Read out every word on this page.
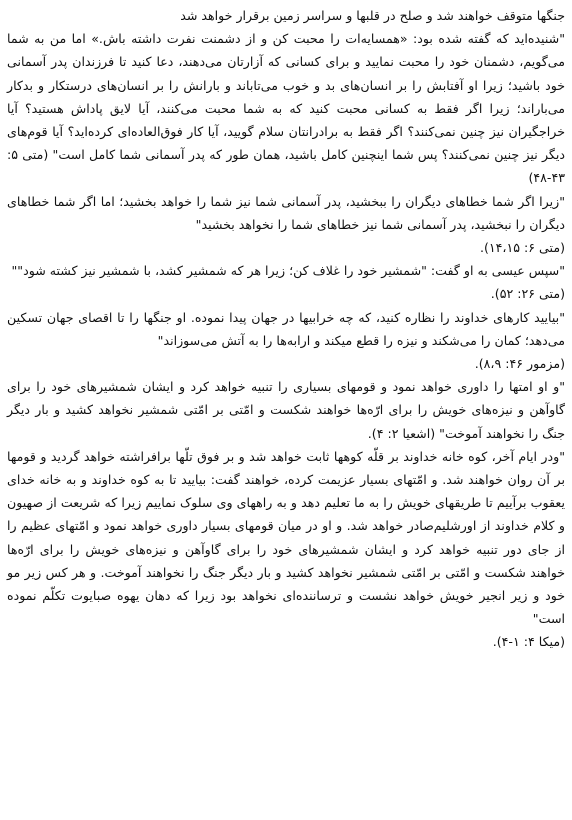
جنگها متوقف خواهند شد و صلح در قلبها و سراسر زمین برقرار خواهد شد

"شنیده‌اید که گفته شده بود: «همسایه‌ات را محبت کن و از دشمنت نفرت داشته باش.» اما من به شما می‌گویم، دشمنان خود را محبت نمایید و برای کسانی که آزارتان می‌دهند، دعا کنید تا فرزندان پدر آسمانی خود باشید؛ زیرا او آفتابش را بر انسان‌های بد و خوب می‌تاباند و بارانش را بر انسان‌های درستکار و بدکار می‌باراند؛ زیرا اگر فقط به کسانی محبت کنید که به شما محبت می‌کنند، آیا لایق پاداش هستید؟ آیا خراجگیران نیز چنین نمی‌کنند؟ اگر فقط به برادرانتان سلام گویید، آیا کار فوق‌العاده‌ای کرده‌اید؟ آیا قوم‌های دیگر نیز چنین نمی‌کنند؟ پس شما اینچنین کامل باشید، همان طور که پدر آسمانی شما کامل است" (متی ۵: ۴۳-۴۸)

"زیرا اگر شما خطاهای دیگران را ببخشید، پدر آسمانی شما نیز شما را خواهد بخشید؛ اما اگر شما خطاهای دیگران را نبخشید، پدر آسمانی شما نیز خطاهای شما را نخواهد بخشید"

(متی ۶: ۱۴،۱۵).

"سپس عیسی به او گفت: "شمشیر خود را غلاف کن؛ زیرا هر که شمشیر کشد، با شمشیر نیز کشته شود""

(متی ۲۶: ۵۲).

"بیایید کارهای خداوند را نظاره کنید، که چه خرابیها در جهان پیدا نموده. او جنگها را تا اقصای جهان تسکین می‌دهد؛ کمان را می‌شکند و نیزه را قطع میکند و ارابه‌ها را به آتش می‌سوزاند"

(مزمور ۴۶: ۸،۹).

"و او امتها را داوری خواهد نمود و قومهای بسیاری را تنبیه خواهد کرد و ایشان شمشیرهای خود را برای گاوآهن و نیزه‌های خویش را برای ارّه‌ها خواهند شکست و امّتی بر امّتی شمشیر نخواهد کشید و بار دیگر جنگ را نخواهند آموخت" (اشعیا ۲: ۴).

"ودر ایام آخر، کوه خانه خداوند بر قلّه کوهها ثابت خواهد شد و بر فوق تلّها برافراشته خواهد گردید و قومها بر آن روان خواهند شد. و امّتهای بسیار عزیمت کرده، خواهند گفت: بیایید تا به کوه خداوند و به خانه خدای یعقوب برآییم تا طریقهای خویش را به ما تعلیم دهد و به راههای وی سلوک نماییم زیرا که شریعت از صهیون و کلام خداوند از اورشلیم‌صادر خواهد شد. و او در میان قومهای بسیار داوری خواهد نمود و امّتهای عظیم را از جای دور تنبیه خواهد کرد و ایشان شمشیرهای خود را برای گاوآهن و نیزه‌های خویش را برای ارّه‌ها خواهند شکست و امّتی بر امّتی شمشیر نخواهد کشید و بار دیگر جنگ را نخواهند آموخت. و هر کس زیر مو خود و زیر انجیر خویش خواهد نشست و ترساننده‌ای نخواهد بود زیرا که دهان یهوه صبایوت تکلّم نموده است"

(میکا ۴: ۱-۴).
